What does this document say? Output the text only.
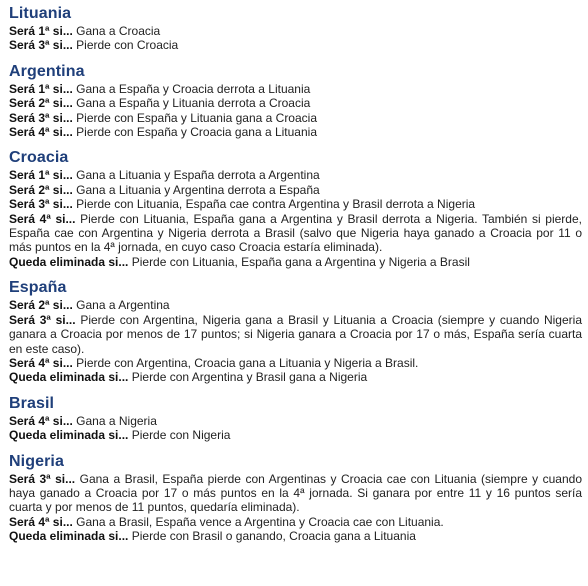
Lituania

Será 1ª si... Gana a Croacia

Será 3ª si... Pierde con Croacia

Argentina

Será 1ª si... Gana a España y Croacia derrota a Lituania

Será 2ª si... Gana a España y Lituania derrota a Croacia

Será 3ª si... Pierde con España y Lituania gana a Croacia

Será 4ª si... Pierde con España y Croacia gana a Lituania

Croacia

Será 1ª si... Gana a Lituania y España derrota a Argentina

Será 2ª si... Gana a Lituania y Argentina derrota a España

Será 3ª si... Pierde con Lituania, España cae contra Argentina y Brasil derrota a Nigeria

Será 4ª si... Pierde con Lituania, España gana a Argentina y Brasil derrota a Nigeria. También si pierde, España cae con Argentina y Nigeria derrota a Brasil (salvo que Nigeria haya ganado a Croacia por 11 o más puntos en la 4ª jornada, en cuyo caso Croacia estaría eliminada).

Queda eliminada si... Pierde con Lituania, España gana a Argentina y Nigeria a Brasil

España

Será 2ª si... Gana a Argentina

Será 3ª si... Pierde con Argentina, Nigeria gana a Brasil y Lituania a Croacia (siempre y cuando Nigeria ganara a Croacia por menos de 17 puntos; si Nigeria ganara a Croacia por 17 o más, España sería cuarta en este caso).

Será 4ª si... Pierde con Argentina, Croacia gana a Lituania y Nigeria a Brasil.

Queda eliminada si... Pierde con Argentina y Brasil gana a Nigeria

Brasil

Será 4ª si... Gana a Nigeria

Queda eliminada si... Pierde con Nigeria

Nigeria

Será 3ª si... Gana a Brasil, España pierde con Argentinas y Croacia cae con Lituania (siempre y cuando haya ganado a Croacia por 17 o más puntos en la 4ª jornada. Si ganara por entre 11 y 16 puntos sería cuarta y por menos de 11 puntos, quedaría eliminada).

Será 4ª si... Gana a Brasil, España vence a Argentina y Croacia cae con Lituania.

Queda eliminada si... Pierde con Brasil o ganando, Croacia gana a Lituania
